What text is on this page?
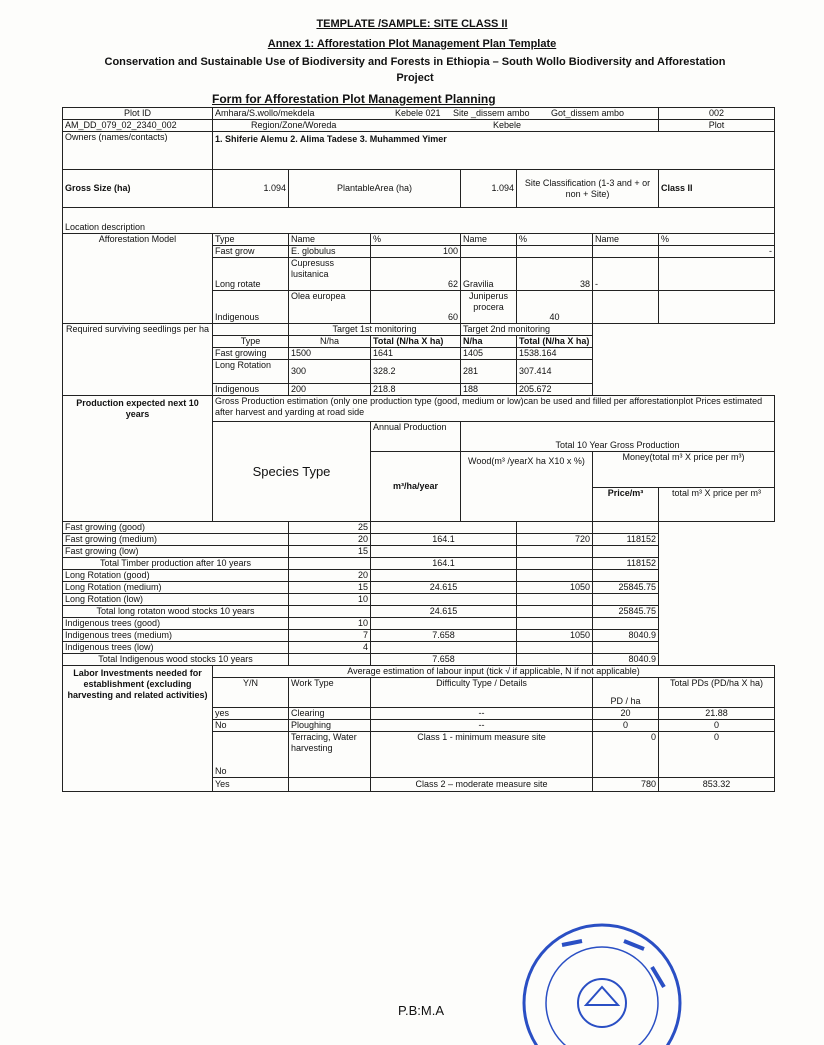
TEMPLATE /SAMPLE: SITE CLASS II
Annex 1: Afforestation Plot Management Plan Template
Conservation and Sustainable Use of Biodiversity and Forests in Ethiopia – South Wollo Biodiversity and Afforestation Project
Form for Afforestation Plot Management Planning
Plot ID	Amhara/S.wollo/mekdela Kebele 021 Site _dissem ambo Got_dissem ambo						002
AM_DD_079_02_2340_002	Region/Zone/Woreda Kebele						Plot
Owners (names/contacts)	1. Shiferie Alemu 2. Alima Tadese 3. Muhammed Yimer						
Gross Size (ha)	1.094	PlantableArea (ha)		1.094	Site Classification (1-3 and + or non + Site)		Class II
Location description							
Afforestation Model	Type	Name	%	Name	%	Name	%
	Fast grow	E. globulus	100				-
	Long rotate	Cupresuss lusitanica	62	Gravilia	38	-	
	Indigenous	Olea europea	60	Juniperus procera	40		
Required surviving seedlings per ha		Target 1st monitoring		Target 2nd monitoring			
	Type	N/ha	Total (N/ha X ha)	N/ha	Total (N/ha X ha)		
	Fast growing	1500	1641	1405	1538.164		
	Long Rotation	300	328.2	281	307.414		
	Indigenous	200	218.8	188	205.672		
Production expected next 10 years	Gross Production estimation (only one production type (good, medium or low)can be used and filled per afforestationplot Prices estimated after harvest and yarding at road side						
	Species Type		Annual Production	Total 10 Year Gross Production			
			m³/ha/year	Wood(m³ /yearX ha X10 x %)		Money(total m³ X price per m³)	
						Price/m³	total m³ X price per m³
Fast growing (good)		25					
Fast growing (medium)		20	164.1		720	118152	
Fast growing (low)		15					
Total Timber production after 10 years			164.1			118152	
Long Rotation (good)		20					
Long Rotation (medium)		15	24.615		1050	25845.75	
Long Rotation (low)		10					
Total long rotaton wood stocks 10 years			24.615			25845.75	
Indigenous trees (good)		10					
Indigenous trees (medium)		7	7.658		1050	8040.9	
Indigenous trees (low)		4					
Total Indigenous wood stocks 10 years			7.658			8040.9	
Labor Investments needed for establishment (excluding harvesting and related activities)	Average estimation of labour input (tick √ if applicable, N if not applicable)						
	Y/N	Work Type	Difficulty Type / Details			PD / ha	Total PDs (PD/ha X ha)
	yes	Clearing	--			20	21.88
	No	Ploughing	--			0	0
	No	Terracing, Water harvesting	Class 1 - minimum measure site			0	0
	Yes		Class 2 – moderate measure site			780	853.32
P.B:M.A
